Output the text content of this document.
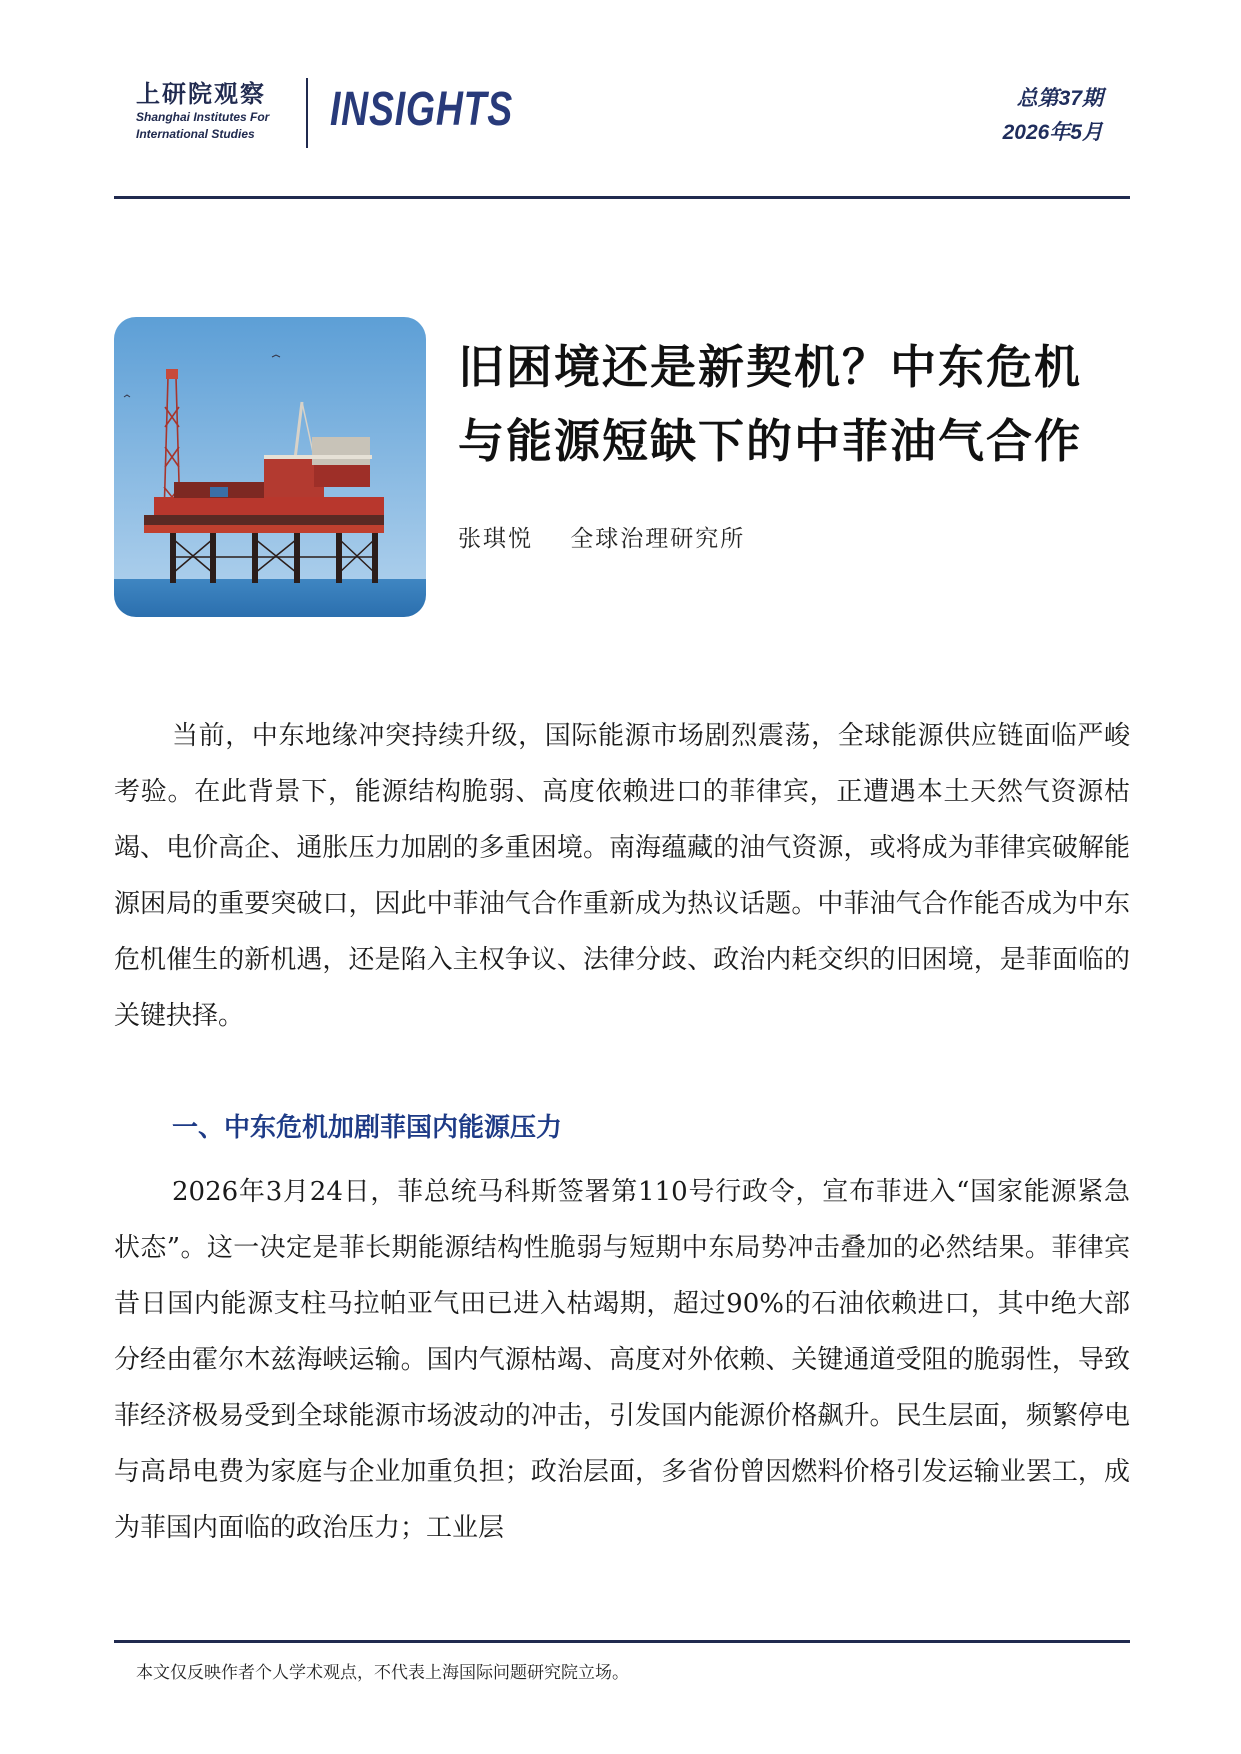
上研院观察
Shanghai Institutes For
International Studies	INSIGHTS	总第37期
2026年5月
旧困境还是新契机？中东危机
与能源短缺下的中菲油气合作
张琪悦    全球治理研究所
当前，中东地缘冲突持续升级，国际能源市场剧烈震荡，全球能源供应链面临严峻考验。在此背景下，能源结构脆弱、高度依赖进口的菲律宾，正遭遇本土天然气资源枯竭、电价高企、通胀压力加剧的多重困境。南海蕴藏的油气资源，或将成为菲律宾破解能源困局的重要突破口，因此中菲油气合作重新成为热议话题。中菲油气合作能否成为中东危机催生的新机遇，还是陷入主权争议、法律分歧、政治内耗交织的旧困境，是菲面临的关键抉择。
一、中东危机加剧菲国内能源压力
2026年3月24日，菲总统马科斯签署第110号行政令，宣布菲进入“国家能源紧急状态”。这一决定是菲长期能源结构性脆弱与短期中东局势冲击叠加的必然结果。菲律宾昔日国内能源支柱马拉帕亚气田已进入枯竭期，超过90%的石油依赖进口，其中绝大部分经由霍尔木兹海峡运输。国内气源枯竭、高度对外依赖、关键通道受阻的脆弱性，导致菲经济极易受到全球能源市场波动的冲击，引发国内能源价格飙升。民生层面，频繁停电与高昂电费为家庭与企业加重负担；政治层面，多省份曾因燃料价格引发运输业罢工，成为菲国内面临的政治压力；工业层
本文仅反映作者个人学术观点，不代表上海国际问题研究院立场。
